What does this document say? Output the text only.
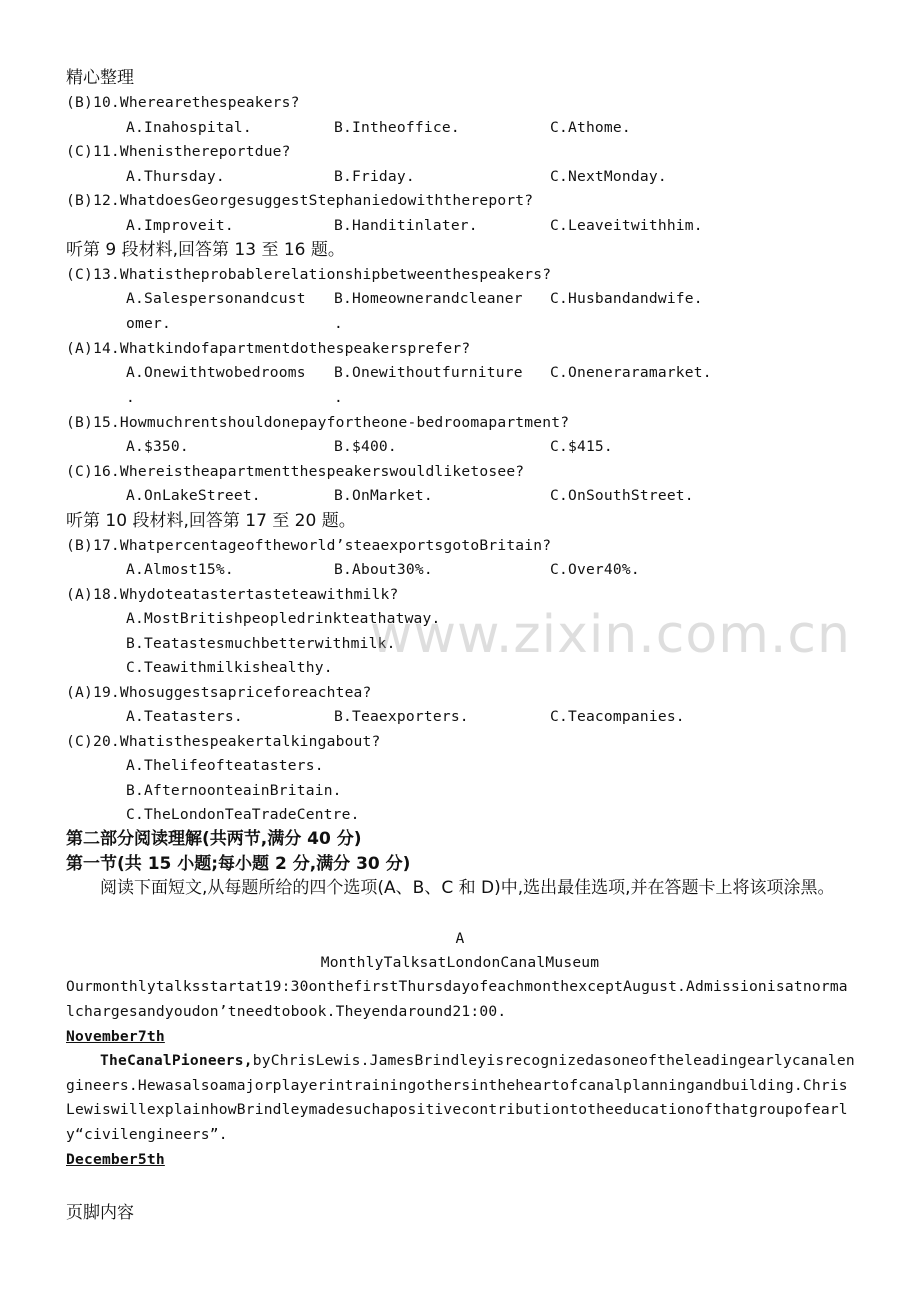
精心整理
(B)10.Wherearethespeakers?
A.Inahospital.	B.Intheoffice.	C.Athome.
(C)11.Whenisthereportdue?
A.Thursday.	B.Friday.	C.NextMonday.
(B)12.WhatdoesGeorgesuggestStephaniedowiththereport?
A.Improveit.	B.Handitinlater.	C.Leaveitwithhim.
听第 9 段材料,回答第 13 至 16 题。
(C)13.Whatistheprobablerelationshipbetweenthespeakers?
A.Salespersonandcust
omer.
B.Homeownerandcleaner
.
C.Husbandandwife.
(A)14.Whatkindofapartmentdothespeakersprefer?
A.Onewithtwobedrooms
.
B.Onewithoutfurniture
.
C.Oneneraramarket.
(B)15.Howmuchrentshouldonepayfortheone-bedroomapartment?
A.$350.	B.$400.	C.$415.
(C)16.Whereistheapartmentthespeakerswouldliketosee?
A.OnLakeStreet.	B.OnMarket.	C.OnSouthStreet.
听第 10 段材料,回答第 17 至 20 题。
(B)17.Whatpercentageoftheworld’steaexportsgotoBritain?
A.Almost15%.	B.About30%.	C.Over40%.
(A)18.Whydoteatastertasteteawithmilk?
A.MostBritishpeopledrinkteathatway.
B.Teatastesmuchbetterwithmilk.
C.Teawithmilkishealthy.
(A)19.Whosuggestsapriceforeachtea?
A.Teatasters.	B.Teaexporters.	C.Teacompanies.
(C)20.Whatisthespeakertalkingabout?
A.Thelifeofteatasters.
B.AfternoonteainBritain.
C.TheLondonTeaTradeCentre.
www.zixin.com.cn
第二部分阅读理解(共两节,满分 40 分)
第一节(共 15 小题;每小题 2 分,满分 30 分)
阅读下面短文,从每题所给的四个选项(A、B、C 和 D)中,选出最佳选项,并在答题卡上将该项涂黑。
A
MonthlyTalksatLondonCanalMuseum
Ourmonthlytalksstartat19:30onthefirstThursdayofeachmonthexceptAugust.Admissionisatnormalchargesandyoudon’tneedtobook.Theyendaround21:00.
November7th
TheCanalPioneers,byChrisLewis.JamesBrindleyisrecognizedasoneoftheleadingearlycanalengineers.Hewasalsoamajorplayerintrainingothersintheheartofcanalplanningandbuilding.ChrisLewiswillexplainhowBrindleymadesuchapositivecontributiontotheeducationofthatgroupofearly“civilengineers”.
December5th
页脚内容
